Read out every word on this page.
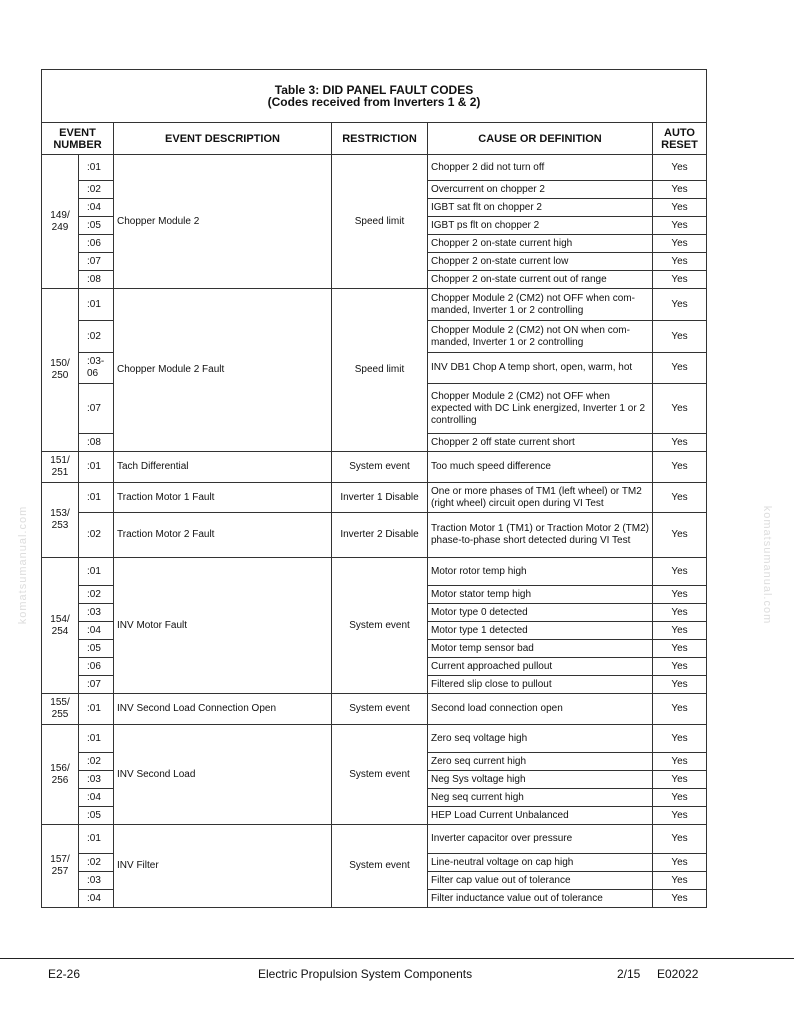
Table 3: DID PANEL FAULT CODES
(Codes received from Inverters 1 & 2)					

EVENT NUMBER		EVENT DESCRIPTION	RESTRICTION	CAUSE OR DEFINITION	AUTO RESET
149/ 249	:01	Chopper Module 2	Speed limit	Chopper 2 did not turn off	Yes
	:02			Overcurrent on chopper 2	Yes
	:04			IGBT sat flt on chopper 2	Yes
	:05			IGBT ps flt on chopper 2	Yes
	:06			Chopper 2 on-state current high	Yes
	:07			Chopper 2 on-state current low	Yes
	:08			Chopper 2 on-state current out of range	Yes
150/ 250	:01	Chopper Module 2 Fault	Speed limit	Chopper Module 2 (CM2) not OFF when com-manded, Inverter 1 or 2 controlling	Yes
	:02			Chopper Module 2 (CM2) not ON when com-manded, Inverter 1 or 2 controlling	Yes
	:03-06			INV DB1 Chop A temp short, open, warm, hot	Yes
	:07			Chopper Module 2 (CM2) not OFF when expected with DC Link energized, Inverter 1 or 2 controlling	Yes
	:08			Chopper 2 off state current short	Yes
151/ 251	:01	Tach Differential	System event	Too much speed difference	Yes
153/ 253	:01	Traction Motor 1 Fault	Inverter 1 Disable	One or more phases of TM1 (left wheel) or TM2 (right wheel) circuit open during VI Test	Yes
	:02	Traction Motor 2 Fault	Inverter 2 Disable	Traction Motor 1 (TM1) or Traction Motor 2 (TM2) phase-to-phase short detected during VI Test	Yes
154/ 254	:01	INV Motor Fault	System event	Motor rotor temp high	Yes
	:02			Motor stator temp high	Yes
	:03			Motor type 0 detected	Yes
	:04			Motor type 1 detected	Yes
	:05			Motor temp sensor bad	Yes
	:06			Current approached pullout	Yes
	:07			Filtered slip close to pullout	Yes
155/ 255	:01	INV Second Load Connection Open	System event	Second load connection open	Yes
156/ 256	:01	INV Second Load	System event	Zero seq voltage high	Yes
	:02			Zero seq current high	Yes
	:03			Neg Sys voltage high	Yes
	:04			Neg seq current high	Yes
	:05			HEP Load Current Unbalanced	Yes
157/ 257	:01	INV Filter	System event	Inverter capacitor over pressure	Yes
	:02			Line-neutral voltage on cap high	Yes
	:03			Filter cap value out of tolerance	Yes
	:04			Filter inductance value out of tolerance	Yes
komatsumanual.com	komatsumanual.com
E2-26	Electric Propulsion System Components	2/15 E02022
